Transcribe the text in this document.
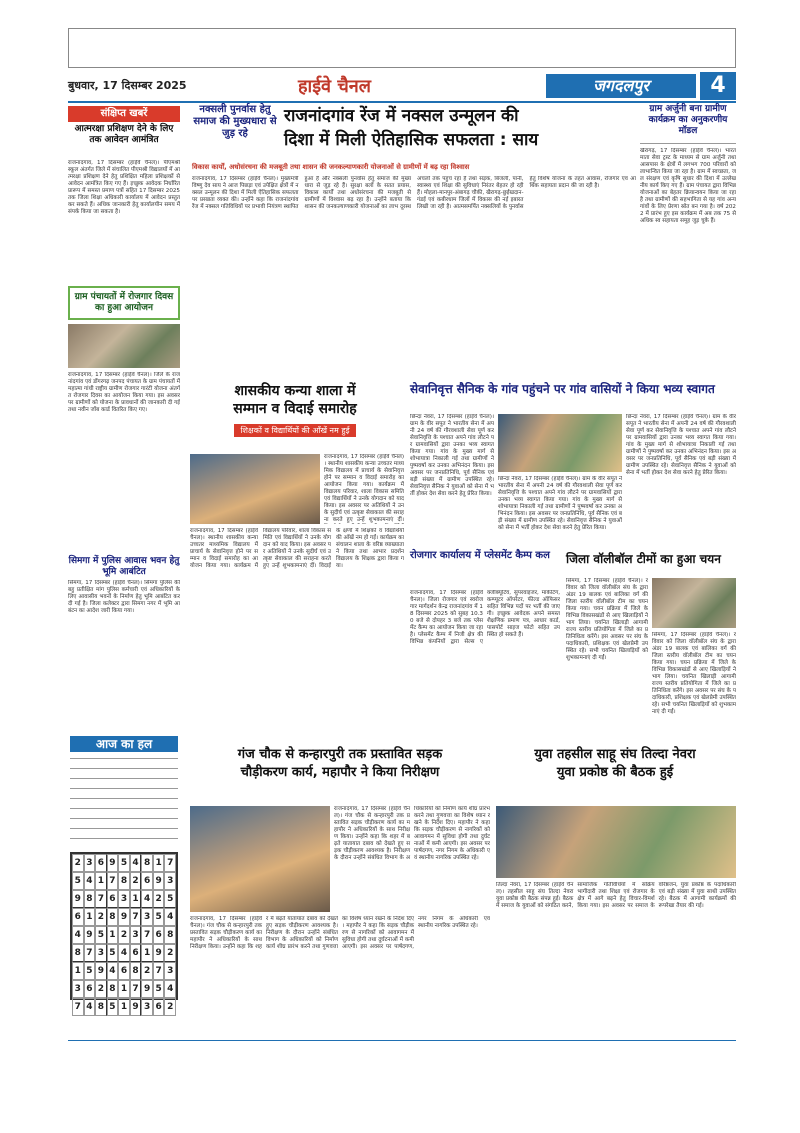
बुधवार, 17 दिसम्बर 2025	हाईवे चैनल	जगदलपुर	4
संक्षिप्त खबरें
आत्मरक्षा प्रशिक्षण देने के लिए तक आवेदन आमंत्रित
राजनांदगांव, 17 दिसम्बर (हाईवे चैनल)। पीएमश्री स्कूल अंतर्गत जिले में संचालित पीएमश्री विद्यालयों में आत्मरक्षा प्रशिक्षण देने हेतु प्रशिक्षित महिला प्रशिक्षकों से आवेदन आमंत्रित किए गए हैं। इच्छुक आवेदक निर्धारित प्रारूप में समस्त प्रमाण पत्रों सहित 17 दिसम्बर 2025 तक जिला शिक्षा अधिकारी कार्यालय में आवेदन प्रस्तुत कर सकते हैं। अधिक जानकारी हेतु कार्यालयीन समय में संपर्क किया जा सकता है।
ग्राम पंचायतों में रोजगार दिवस का हुआ आयोजन
राजनांदगांव, 17 दिसम्बर (हाईवे चैनल)। जिले के राजनांदगांव एवं डोंगरगढ़ जनपद पंचायत के ग्राम पंचायतों में महात्मा गांधी राष्ट्रीय ग्रामीण रोजगार गारंटी योजना अंतर्गत रोजगार दिवस का आयोजन किया गया। इस अवसर पर ग्रामीणों को योजना के प्रावधानों की जानकारी दी गई तथा नवीन जॉब कार्ड वितरित किए गए।
सिमगा में पुलिस आवास भवन हेतु भूमि आबंटित
सिमगा, 17 दिसम्बर (हाईवे चैनल)। सिमगा पुलिस की बहु प्रतीक्षित मांग पुलिस कर्मचारी एवं अधिकारियों के लिए आवासीय भवनों के निर्माण हेतु भूमि आबंटित कर दी गई है। जिला कलेक्टर द्वारा सिमगा नगर में भूमि आबंटन का आदेश जारी किया गया।
आज का हल
2 3 6 9 5 4 8 1 7
5 4 1 7 8 2 6 9 3
9 8 7 6 3 1 4 2 5
6 1 2 8 9 7 3 5 4
4 9 5 1 2 3 7 6 8
8 7 3 5 4 6 1 9 2
1 5 9 4 6 8 2 7 3
3 6 2 8 1 7 9 5 4
7 4 8 5 1 9 3 6 2
नक्सली पुनर्वास हेतु समाज की मुख्यधारा से जुड़ रहे
राजनांदगांव रेंज में नक्सल उन्मूलन की
दिशा में मिली ऐतिहासिक सफलता : साय
विकास कार्यों, अधोसंरचना की मजबूती तथा शासन की जनकल्याणकारी योजनाओं से ग्रामीणों में बढ़ रहा विश्वास
राजनांदगांव, 17 दिसम्बर (हाईवे चैनल)। मुख्यमंत्री विष्णु देव साय ने आज पिछड़ा एवं उपेक्षित क्षेत्रों में नक्सल उन्मूलन की दिशा में मिली ऐतिहासिक सफलता पर प्रसन्नता व्यक्त की। उन्होंने कहा कि राजनांदगांव रेंज में नक्सल गतिविधियों पर प्रभावी नियंत्रण स्थापित हुआ है और नक्सली पुनर्वास हेतु समाज की मुख्यधारा से जुड़ रहे हैं। सुरक्षा बलों के सतत प्रयास, विकास कार्यों तथा अधोसंरचना की मजबूती से ग्रामीणों में विश्वास बढ़ रहा है। उन्होंने बताया कि शासन की जनकल्याणकारी योजनाओं का लाभ दूरस्थ अंचलों तक पहुंच रहा है तथा सड़क, बिजली, पानी, स्वास्थ्य एवं शिक्षा की सुविधाएं निरंतर बेहतर हो रही हैं। मोहला-मानपुर-अंबागढ़ चौकी, खैरागढ़-छुईखदान-गंडई एवं कबीरधाम जिलों में विकास की नई इबारत लिखी जा रही है। आत्मसमर्पित नक्सलियों के पुनर्वास हेतु विशेष योजना के तहत आवास, रोजगार एवं आर्थिक सहायता प्रदान की जा रही है।
ग्राम अर्जुनी बना ग्रामीण कार्यक्रम का अनुकरणीय मॉडल
खैरागढ़, 17 दिसम्बर (हाईवे चैनल)। भारत माता सेवा ट्रस्ट के माध्यम से ग्राम अर्जुनी तथा आसपास के क्षेत्रों में लगभग 700 परिवारों को लाभान्वित किया जा रहा है। ग्राम में स्वच्छता, जल संरक्षण एवं कृषि सुधार की दिशा में उल्लेखनीय कार्य किए गए हैं। ग्राम पंचायत द्वारा विभिन्न योजनाओं का बेहतर क्रियान्वयन किया जा रहा है तथा ग्रामीणों की सहभागिता से यह गांव अन्य गांवों के लिए प्रेरणा स्रोत बन गया है। वर्ष 2022 में प्रारंभ हुए इस कार्यक्रम में अब तक 75 से अधिक स्व सहायता समूह जुड़ चुके हैं।
शासकीय कन्या शाला में
सम्मान व विदाई समारोह
शिक्षकों व विद्यार्थियों की आँखें नम हुई
राजनांदगांव, 17 दिसम्बर (हाईवे चैनल)। स्थानीय शासकीय कन्या उच्चतर माध्यमिक विद्यालय में प्राचार्य के सेवानिवृत्त होने पर सम्मान व विदाई समारोह का आयोजन किया गया। कार्यक्रम में विद्यालय परिवार, शाला विकास समिति एवं विद्यार्थियों ने उनके योगदान को याद किया। इस अवसर पर अतिथियों ने उनके सुदीर्घ एवं उत्कृष्ट सेवाकाल की सराहना करते हुए उन्हें शुभकामनाएं दीं।
राजनांदगांव, 17 दिसम्बर (हाईवे चैनल)। स्थानीय शासकीय कन्या उच्चतर माध्यमिक विद्यालय में प्राचार्य के सेवानिवृत्त होने पर सम्मान व विदाई समारोह का आयोजन किया गया। कार्यक्रम में विद्यालय परिवार, शाला विकास समिति एवं विद्यार्थियों ने उनके योगदान को याद किया। इस अवसर पर अतिथियों ने उनके सुदीर्घ एवं उत्कृष्ट सेवाकाल की सराहना करते हुए उन्हें शुभकामनाएं दीं। विदाई के क्षणों में शिक्षकों व विद्यार्थियों की आँखें नम हो गईं। कार्यक्रम का संचालन शाला के वरिष्ठ व्याख्याता ने किया तथा आभार प्रदर्शन विद्यालय के शिक्षक द्वारा किया गया।
सेवानिवृत्त सैनिक के गांव पहुंचने पर गांव वासियों ने किया भव्य स्वागत
छिन्दा नेवरा, 17 दिसम्बर (हाईवे चैनल)। ग्राम के वीर सपूत ने भारतीय सेना में अपनी 24 वर्ष की गौरवशाली सेवा पूर्ण कर सेवानिवृत्ति के पश्चात अपने गांव लौटने पर ग्रामवासियों द्वारा उनका भव्य स्वागत किया गया। गांव के मुख्य मार्ग से शोभायात्रा निकाली गई तथा ग्रामीणों ने पुष्पवर्षा कर उनका अभिनंदन किया। इस अवसर पर जनप्रतिनिधि, पूर्व सैनिक एवं बड़ी संख्या में ग्रामीण उपस्थित रहे। सेवानिवृत्त सैनिक ने युवाओं को सेना में भर्ती होकर देश सेवा करने हेतु प्रेरित किया।
छिन्दा नेवरा, 17 दिसम्बर (हाईवे चैनल)। ग्राम के वीर सपूत ने भारतीय सेना में अपनी 24 वर्ष की गौरवशाली सेवा पूर्ण कर सेवानिवृत्ति के पश्चात अपने गांव लौटने पर ग्रामवासियों द्वारा उनका भव्य स्वागत किया गया। गांव के मुख्य मार्ग से शोभायात्रा निकाली गई तथा ग्रामीणों ने पुष्पवर्षा कर उनका अभिनंदन किया। इस अवसर पर जनप्रतिनिधि, पूर्व सैनिक एवं बड़ी संख्या में ग्रामीण उपस्थित रहे। सेवानिवृत्त सैनिक ने युवाओं को सेना में भर्ती होकर देश सेवा करने हेतु प्रेरित किया।
छिन्दा नेवरा, 17 दिसम्बर (हाईवे चैनल)। ग्राम के वीर सपूत ने भारतीय सेना में अपनी 24 वर्ष की गौरवशाली सेवा पूर्ण कर सेवानिवृत्ति के पश्चात अपने गांव लौटने पर ग्रामवासियों द्वारा उनका भव्य स्वागत किया गया। गांव के मुख्य मार्ग से शोभायात्रा निकाली गई तथा ग्रामीणों ने पुष्पवर्षा कर उनका अभिनंदन किया। इस अवसर पर जनप्रतिनिधि, पूर्व सैनिक एवं बड़ी संख्या में ग्रामीण उपस्थित रहे। सेवानिवृत्त सैनिक ने युवाओं को सेना में भर्ती होकर देश सेवा करने हेतु प्रेरित किया।
रोजगार कार्यालय में प्लेसमेंट कैम्प कल
राजनांदगांव, 17 दिसम्बर (हाईवे चैनल)। जिला रोजगार एवं स्वरोजगार मार्गदर्शन केन्द्र राजनांदगांव में 18 दिसम्बर 2025 को सुबह 10.30 बजे से दोपहर 3 बजे तक प्लेसमेंट कैम्प का आयोजन किया जा रहा है। प्लेसमेंट कैम्प में निजी क्षेत्र की विभिन्न कंपनियों द्वारा सेल्स एक्जीक्यूटिव, सुपरवाइजर, मार्केटिंग, कम्प्यूटर ऑपरेटर, फील्ड ऑफिसर सहित विभिन्न पदों पर भर्ती की जाएगी। इच्छुक आवेदक अपने समस्त शैक्षणिक प्रमाण पत्र, आधार कार्ड, पासपोर्ट साइज फोटो सहित उपस्थित हो सकते हैं।
जिला वॉलीबॉल टीमों का हुआ चयन
सिमगा, 17 दिसम्बर (हाईवे चैनल)। रविवार को जिला वॉलीबॉल संघ के द्वारा अंडर 19 बालक एवं बालिका वर्ग की जिला स्तरीय वॉलीबॉल टीम का चयन किया गया। चयन प्रक्रिया में जिले के विभिन्न विकासखंडों से आए खिलाड़ियों ने भाग लिया। चयनित खिलाड़ी आगामी राज्य स्तरीय प्रतियोगिता में जिले का प्रतिनिधित्व करेंगे। इस अवसर पर संघ के पदाधिकारी, प्रशिक्षक एवं खेलप्रेमी उपस्थित रहे। सभी चयनित खिलाड़ियों को शुभकामनाएं दी गईं।
सिमगा, 17 दिसम्बर (हाईवे चैनल)। रविवार को जिला वॉलीबॉल संघ के द्वारा अंडर 19 बालक एवं बालिका वर्ग की जिला स्तरीय वॉलीबॉल टीम का चयन किया गया। चयन प्रक्रिया में जिले के विभिन्न विकासखंडों से आए खिलाड़ियों ने भाग लिया। चयनित खिलाड़ी आगामी राज्य स्तरीय प्रतियोगिता में जिले का प्रतिनिधित्व करेंगे। इस अवसर पर संघ के पदाधिकारी, प्रशिक्षक एवं खेलप्रेमी उपस्थित रहे। सभी चयनित खिलाड़ियों को शुभकामनाएं दी गईं।
गंज चौक से कन्हारपुरी तक प्रस्तावित सड़क
चौड़ीकरण कार्य, महापौर ने किया निरीक्षण
राजनांदगांव, 17 दिसम्बर (हाईवे चैनल)। गंज चौक से कन्हारपुरी तक प्रस्तावित सड़क चौड़ीकरण कार्य का महापौर ने अधिकारियों के साथ निरीक्षण किया। उन्होंने कहा कि शहर में बढ़ते यातायात दबाव को देखते हुए सड़क चौड़ीकरण आवश्यक है। निरीक्षण के दौरान उन्होंने संबंधित विभाग के अधिकारियों को निर्माण कार्य शीघ्र प्रारंभ करने तथा गुणवत्ता का विशेष ध्यान रखने के निर्देश दिए। महापौर ने कहा कि सड़क चौड़ीकरण से नागरिकों को आवागमन में सुविधा होगी तथा दुर्घटनाओं में कमी आएगी। इस अवसर पर पार्षदगण, नगर निगम के अधिकारी एवं स्थानीय नागरिक उपस्थित रहे।
राजनांदगांव, 17 दिसम्बर (हाईवे चैनल)। गंज चौक से कन्हारपुरी तक प्रस्तावित सड़क चौड़ीकरण कार्य का महापौर ने अधिकारियों के साथ निरीक्षण किया। उन्होंने कहा कि शहर में बढ़ते यातायात दबाव को देखते हुए सड़क चौड़ीकरण आवश्यक है। निरीक्षण के दौरान उन्होंने संबंधित विभाग के अधिकारियों को निर्माण कार्य शीघ्र प्रारंभ करने तथा गुणवत्ता का विशेष ध्यान रखने के निर्देश दिए। महापौर ने कहा कि सड़क चौड़ीकरण से नागरिकों को आवागमन में सुविधा होगी तथा दुर्घटनाओं में कमी आएगी। इस अवसर पर पार्षदगण, नगर निगम के अधिकारी एवं स्थानीय नागरिक उपस्थित रहे।
युवा तहसील साहू संघ तिल्दा नेवरा
युवा प्रकोष्ठ की बैठक हुई
तिल्दा नेवरा, 17 दिसम्बर (हाईवे चैनल)। तहसील साहू संघ तिल्दा नेवरा युवा प्रकोष्ठ की बैठक संपन्न हुई। बैठक में समाज के युवाओं को संगठित करने, सामाजिक गतिविधियों में सक्रिय भागीदारी तथा शिक्षा एवं रोजगार के क्षेत्र में आगे बढ़ने हेतु विचार-विमर्श किया गया। इस अवसर पर समाज के वरिष्ठजन, युवा प्रकोष्ठ के पदाधिकारी एवं बड़ी संख्या में युवा साथी उपस्थित रहे। बैठक में आगामी कार्यक्रमों की रूपरेखा तैयार की गई।
